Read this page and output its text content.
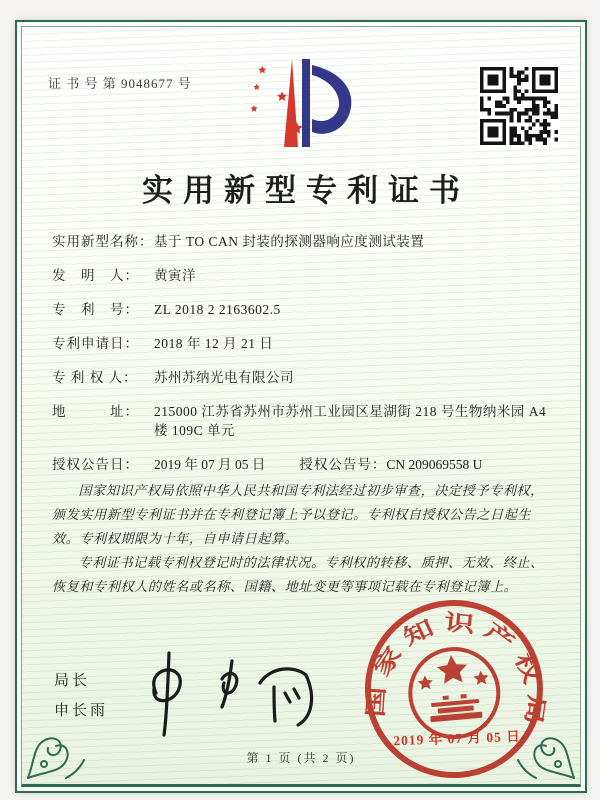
证 书 号 第 9048677 号
实用新型专利证书
实用新型名称： 基于 TO CAN 封装的探测器响应度测试装置
发　明　人：	黄寅洋
专　利　号：	ZL 2018 2 2163602.5
专利申请日：	2018 年 12 月 21 日
专 利 权 人：	苏州苏纳光电有限公司
地　　　址：	215000 江苏省苏州市苏州工业园区星湖街 218 号生物纳米园 A4 楼 109C 单元
授权公告日：	2019 年 07 月 05 日	授权公告号： CN 209069558 U

国家知识产权局依照中华人民共和国专利法经过初步审查，决定授予专利权，颁发实用新型专利证书并在专利登记簿上予以登记。专利权自授权公告之日起生效。专利权期限为十年，自申请日起算。

专利证书记载专利权登记时的法律状况。专利权的转移、质押、无效、终止、恢复和专利权人的姓名或名称、国籍、地址变更等事项记载在专利登记簿上。

局长
申长雨	国家知识产权局
2019 年 07 月 05 日
第 1 页 (共 2 页)
